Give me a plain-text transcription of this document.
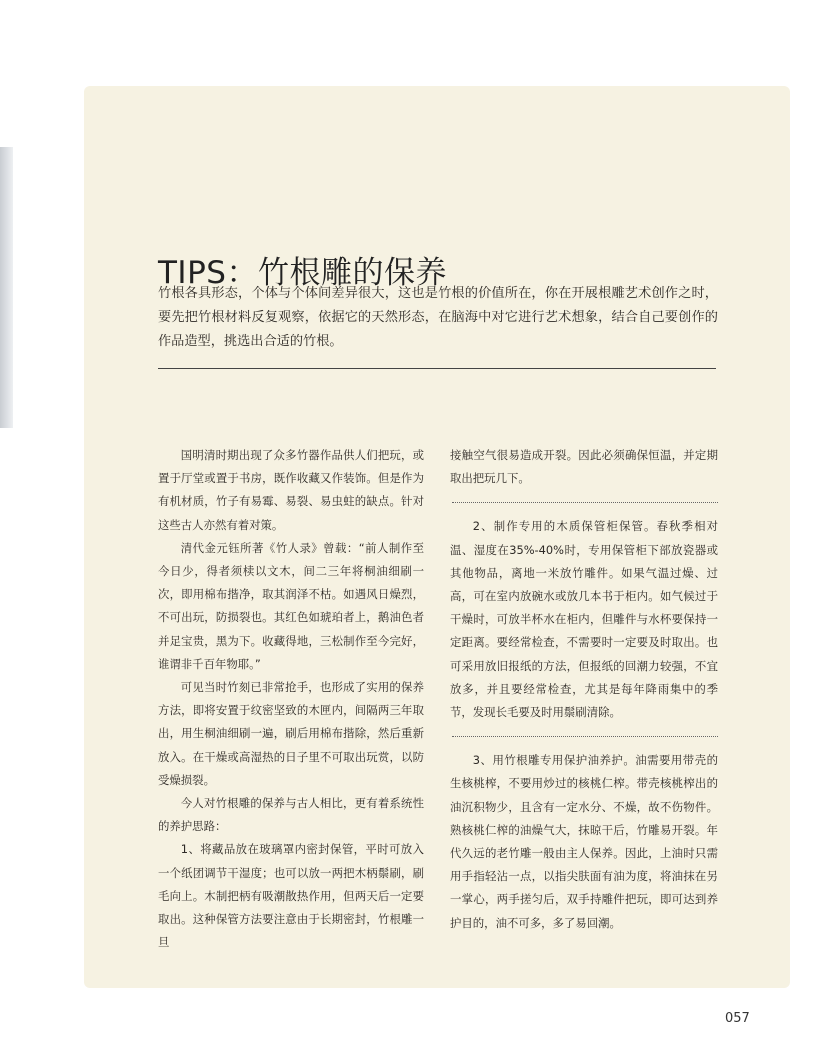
TIPS：竹根雕的保养

竹根各具形态，个体与个体间差异很大，这也是竹根的价值所在，你在开展根雕艺术创作之时，要先把竹根材料反复观察，依据它的天然形态，在脑海中对它进行艺术想象，结合自己要创作的作品造型，挑选出合适的竹根。

国明清时期出现了众多竹器作品供人们把玩，或置于厅堂或置于书房，既作收藏又作装饰。但是作为有机材质，竹子有易霉、易裂、易虫蛀的缺点。针对这些古人亦然有着对策。

清代金元钰所著《竹人录》曾载：“前人制作至今日少，得者须椟以文木，间二三年将桐油细刷一次，即用棉布揩净，取其润泽不枯。如遇风日燥烈，不可出玩，防损裂也。其红色如琥珀者上，鹅油色者并足宝贵，黑为下。收藏得地，三松制作至今完好，谁谓非千百年物耶。”

可见当时竹刻已非常抢手，也形成了实用的保养方法，即将安置于纹密坚致的木匣内，间隔两三年取出，用生桐油细刷一遍，刷后用棉布揩除，然后重新放入。在干燥或高湿热的日子里不可取出玩赏，以防受燥损裂。

今人对竹根雕的保养与古人相比，更有着系统性的养护思路：

1、将藏品放在玻璃罩内密封保管，平时可放入一个纸团调节干湿度；也可以放一两把木柄鬃刷，刷毛向上。木制把柄有吸潮散热作用，但两天后一定要取出。这种保管方法要注意由于长期密封，竹根雕一旦

接触空气很易造成开裂。因此必须确保恒温，并定期取出把玩几下。

2、制作专用的木质保管柜保管。春秋季相对温、湿度在35%-40%时，专用保管柜下部放瓷器或其他物品，离地一米放竹雕件。如果气温过燥、过高，可在室内放碗水或放几本书于柜内。如气候过于干燥时，可放半杯水在柜内，但雕件与水杯要保持一定距离。要经常检查，不需要时一定要及时取出。也可采用放旧报纸的方法，但报纸的回潮力较强，不宜放多，并且要经常检查，尤其是每年降雨集中的季节，发现长毛要及时用鬃刷清除。

3、用竹根雕专用保护油养护。油需要用带壳的生核桃榨，不要用炒过的核桃仁榨。带壳核桃榨出的油沉积物少，且含有一定水分、不燥，故不伤物件。熟核桃仁榨的油燥气大，抹晾干后，竹雕易开裂。年代久远的老竹雕一般由主人保养。因此，上油时只需用手指轻沾一点，以指尖肤面有油为度，将油抹在另一掌心，两手搓匀后，双手持雕件把玩，即可达到养护目的，油不可多，多了易回潮。

057
